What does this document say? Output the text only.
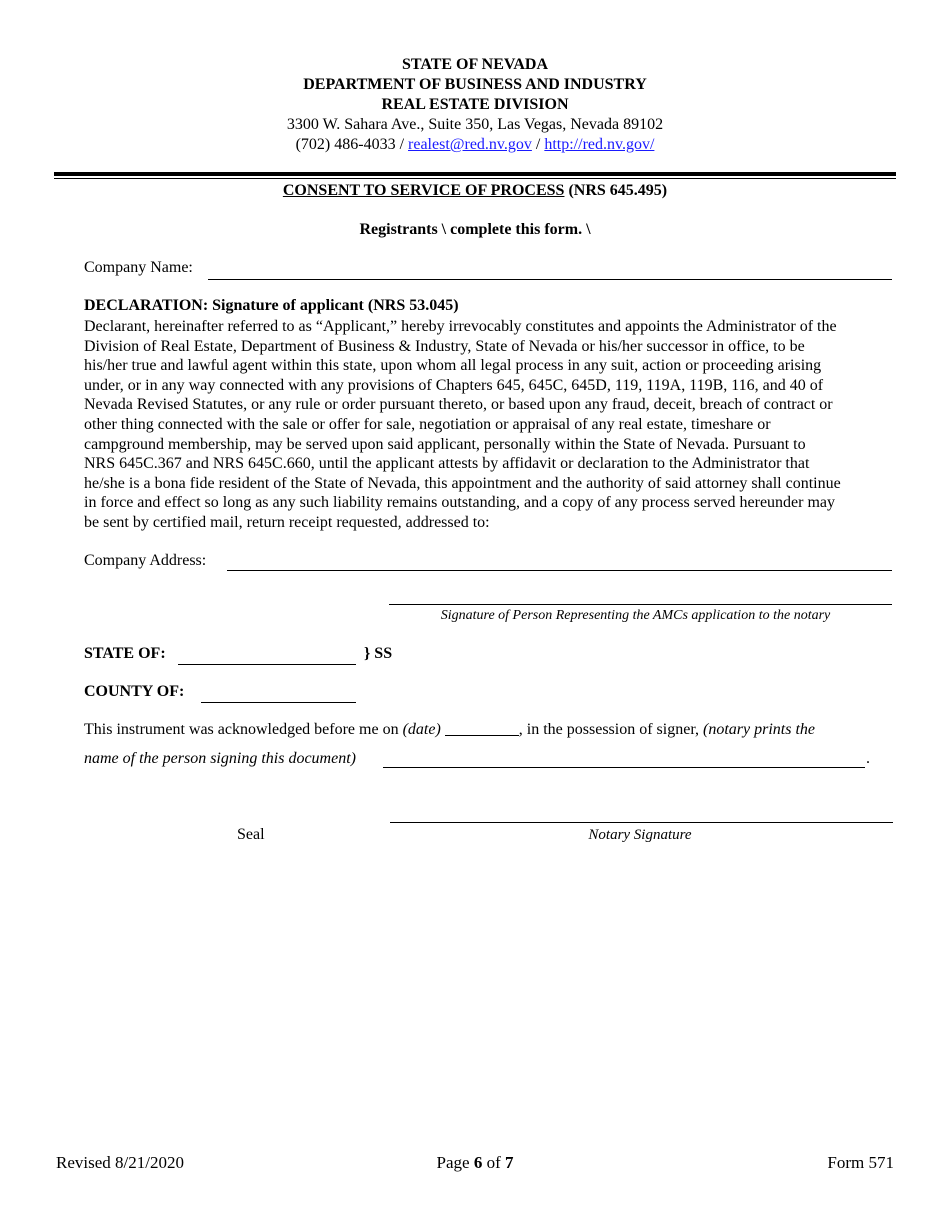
STATE OF NEVADA
DEPARTMENT OF BUSINESS AND INDUSTRY
REAL ESTATE DIVISION
3300 W. Sahara Ave., Suite 350, Las Vegas, Nevada 89102
(702) 486-4033 / realest@red.nv.gov / http://red.nv.gov/
CONSENT TO SERVICE OF PROCESS (NRS 645.495)
Registrants \ complete this form. \
Company Name:
DECLARATION: Signature of applicant (NRS 53.045)
Declarant, hereinafter referred to as “Applicant,” hereby irrevocably constitutes and appoints the Administrator of the
Division of Real Estate, Department of Business & Industry, State of Nevada or his/her successor in office, to be
his/her true and lawful agent within this state, upon whom all legal process in any suit, action or proceeding arising
under, or in any way connected with any provisions of Chapters 645, 645C, 645D, 119, 119A, 119B, 116, and 40 of
Nevada Revised Statutes, or any rule or order pursuant thereto, or based upon any fraud, deceit, breach of contract or
other thing connected with the sale or offer for sale, negotiation or appraisal of any real estate, timeshare or
campground membership, may be served upon said applicant, personally within the State of Nevada. Pursuant to
NRS 645C.367 and NRS 645C.660, until the applicant attests by affidavit or declaration to the Administrator that
he/she is a bona fide resident of the State of Nevada, this appointment and the authority of said attorney shall continue
in force and effect so long as any such liability remains outstanding, and a copy of any process served hereunder may
be sent by certified mail, return receipt requested, addressed to:
Company Address:
Signature of Person Representing the AMCs application to the notary
STATE OF:	} SS
COUNTY OF:
This instrument was acknowledged before me on (date)	, in the possession of signer, (notary prints the
name of the person signing this document)	.
Seal	Notary Signature
Revised 8/21/2020	Page 6 of 7	Form 571
